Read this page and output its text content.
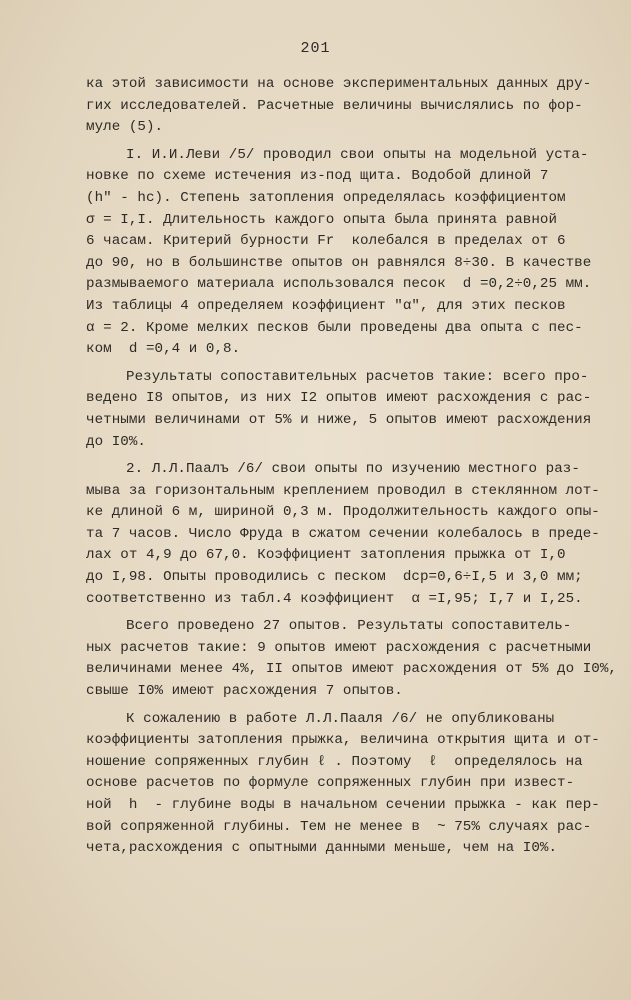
201
ка этой зависимости на основе экспериментальных данных дру-
гих исследователей. Расчетные величины вычислялись по фор-
муле (5).
I. И.И.Леви /5/ проводил свои опыты на модельной уста-
новке по схеме истечения из-под щита. Водобой длиной 7
(h" - hc). Степень затопления определялась коэффициентом
σ = I,I. Длительность каждого опыта была принята равной
6 часам. Критерий бурности Fr  колебался в пределах от 6
до 90, но в большинстве опытов он равнялся 8÷30. В качестве
размываемого материала использовался песок  d =0,2÷0,25 мм.
Из таблицы 4 определяем коэффициент "α", для этих песков
α = 2. Кроме мелких песков были проведены два опыта с пес-
ком  d =0,4 и 0,8.
Результаты сопоставительных расчетов такие: всего про-
ведено I8 опытов, из них I2 опытов имеют расхождения с рас-
четными величинами от 5% и ниже, 5 опытов имеют расхождения
до I0%.
2. Л.Л.Паалъ /6/ свои опыты по изучению местного раз-
мыва за горизонтальным креплением проводил в стеклянном лот-
ке длиной 6 м, шириной 0,3 м. Продолжительность каждого опы-
та 7 часов. Число Фруда в сжатом сечении колебалось в преде-
лах от 4,9 до 67,0. Коэффициент затопления прыжка от I,0
до I,98. Опыты проводились с песком  dср=0,6÷I,5 и 3,0 мм;
соответственно из табл.4 коэффициент  α =I,95; I,7 и I,25.
Всего проведено 27 опытов. Результаты сопоставитель-
ных расчетов такие: 9 опытов имеют расхождения с расчетными
величинами менее 4%, II опытов имеют расхождения от 5% до I0%,
свыше I0% имеют расхождения 7 опытов.
К сожалению в работе Л.Л.Пааля /6/ не опубликованы
коэффициенты затопления прыжка, величина открытия щита и от-
ношение сопряженных глубин ℓ . Поэтому  ℓ  определялось на
основе расчетов по формуле сопряженных глубин при извест-
ной  h  - глубине воды в начальном сечении прыжка - как пер-
вой сопряженной глубины. Тем не менее в  ~ 75% случаях рас-
чета,расхождения с опытными данными меньше, чем на I0%.
